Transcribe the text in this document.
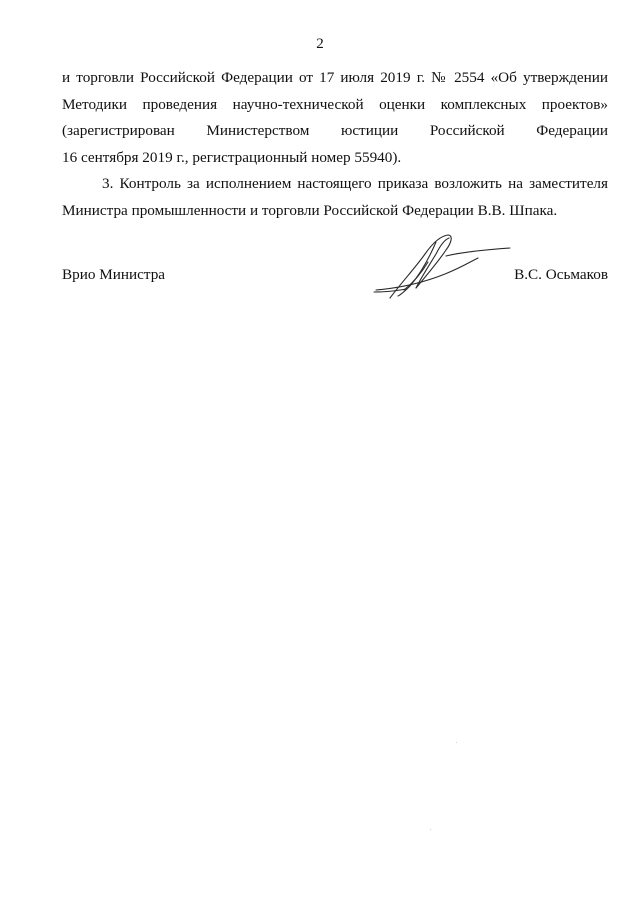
2
и торговли Российской Федерации от 17 июля 2019 г. № 2554 «Об утверждении
Методики проведения научно-технической оценки комплексных проектов»
(зарегистрирован Министерством юстиции Российской Федерации
16 сентября 2019 г., регистрационный номер 55940).
3. Контроль за исполнением настоящего приказа возложить на заместителя
Министра промышленности и торговли Российской Федерации В.В. Шпака.
Врио Министра	В.С. Осьмаков
